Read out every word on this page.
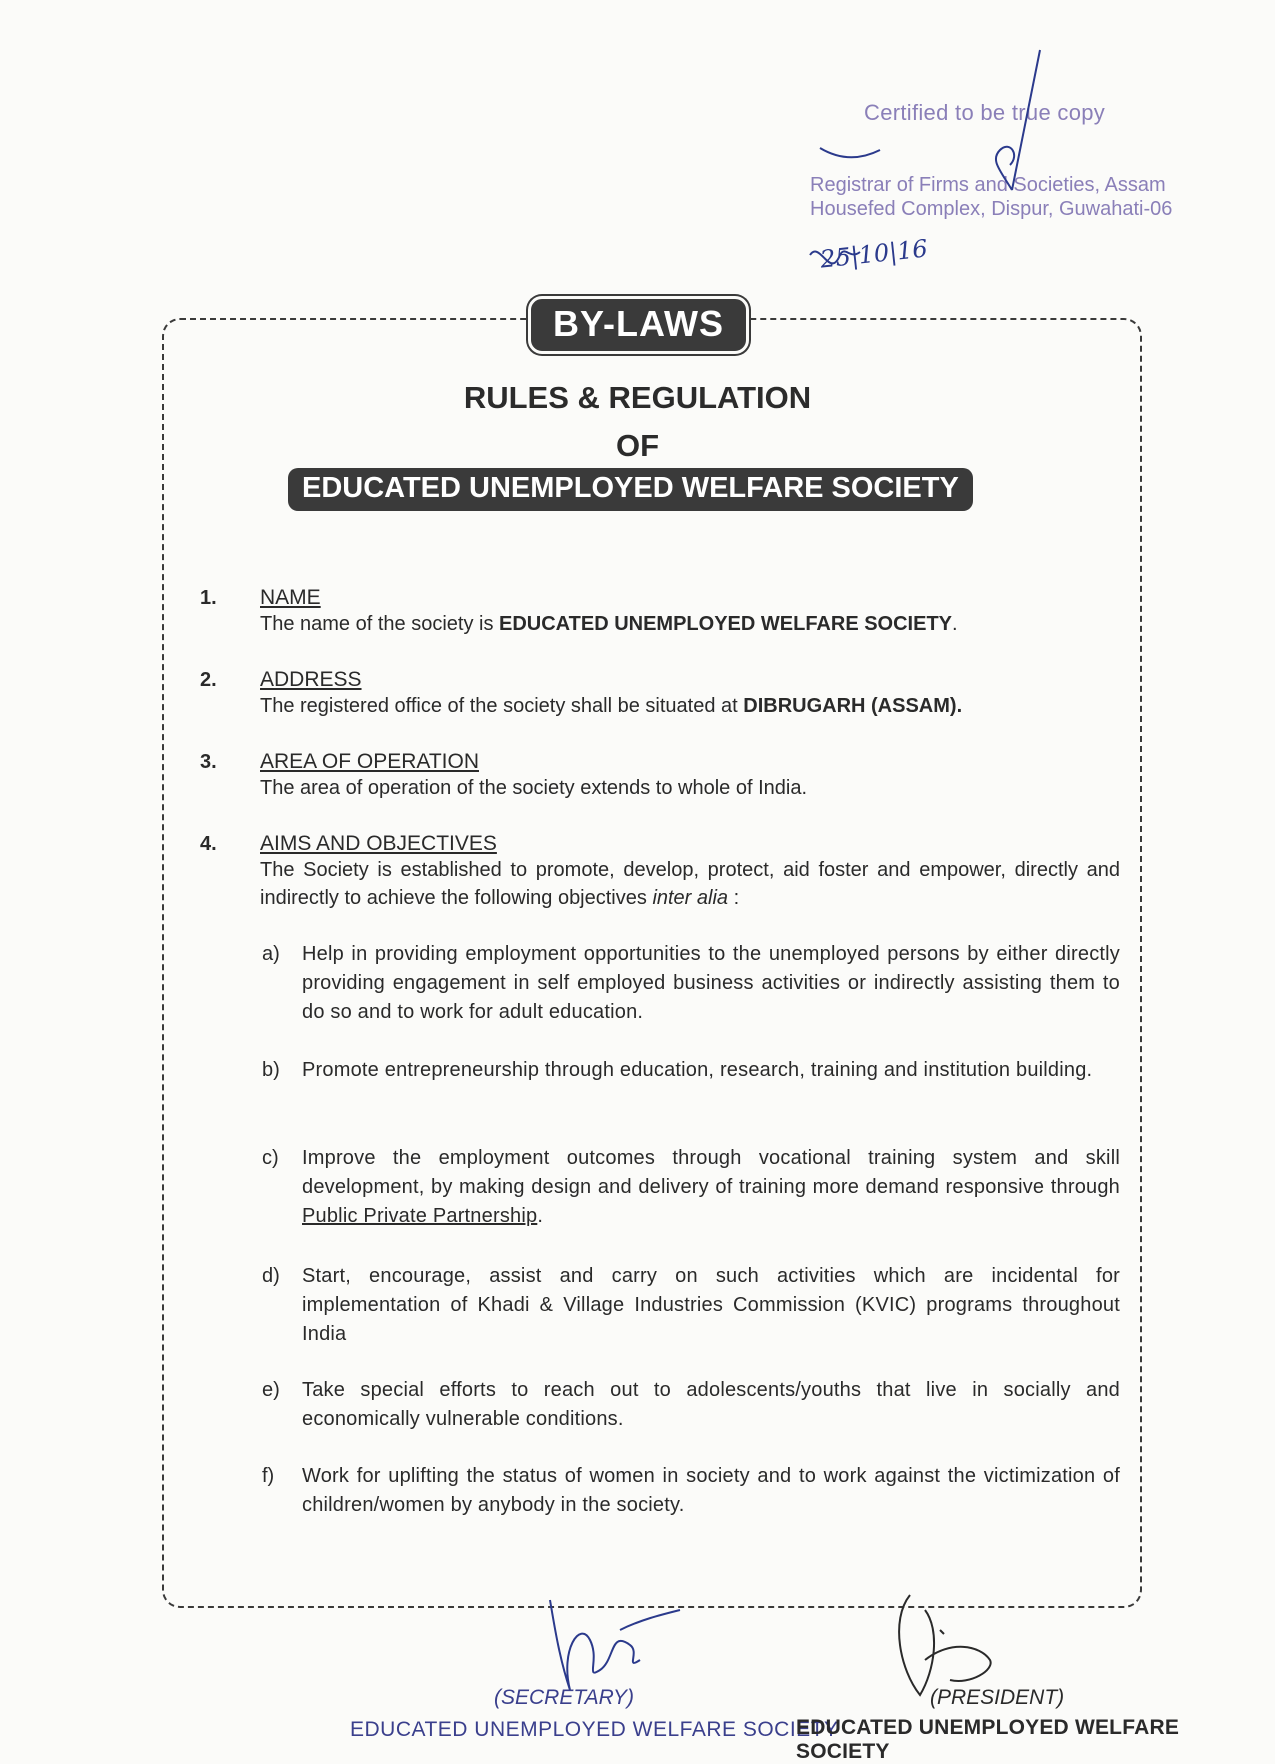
Certified to be true copy
Registrar of Firms and Societies, Assam
Housefed Complex, Dispur, Guwahati-06
25|10|16
BY-LAWS
RULES & REGULATION
OF
EDUCATED UNEMPLOYED WELFARE SOCIETY
1.	NAME
The name of the society is EDUCATED UNEMPLOYED WELFARE SOCIETY.
2.	ADDRESS
The registered office of the society shall be situated at DIBRUGARH (ASSAM).
3.	AREA OF OPERATION
The area of operation of the society extends to whole of India.
4.	AIMS AND OBJECTIVES
The Society is established to promote, develop, protect, aid foster and empower, directly and indirectly to achieve the following objectives inter alia :
a)	Help in providing employment opportunities to the unemployed persons by either directly providing engagement in self employed business activities or indirectly assisting them to do so and to work for adult education.
b)	Promote entrepreneurship through education, research, training and institution building.
c)	Improve the employment outcomes through vocational training system and skill development, by making design and delivery of training more demand responsive through Public Private Partnership.
d)	Start, encourage, assist and carry on such activities which are incidental for implementation of Khadi & Village Industries Commission (KVIC) programs throughout India
e)	Take special efforts to reach out to adolescents/youths that live in socially and economically vulnerable conditions.
f)	Work for uplifting the status of women in society and to work against the victimization of children/women by anybody in the society.
(SECRETARY)
EDUCATED UNEMPLOYED WELFARE SOCIETY
(PRESIDENT)
EDUCATED UNEMPLOYED WELFARE SOCIETY
